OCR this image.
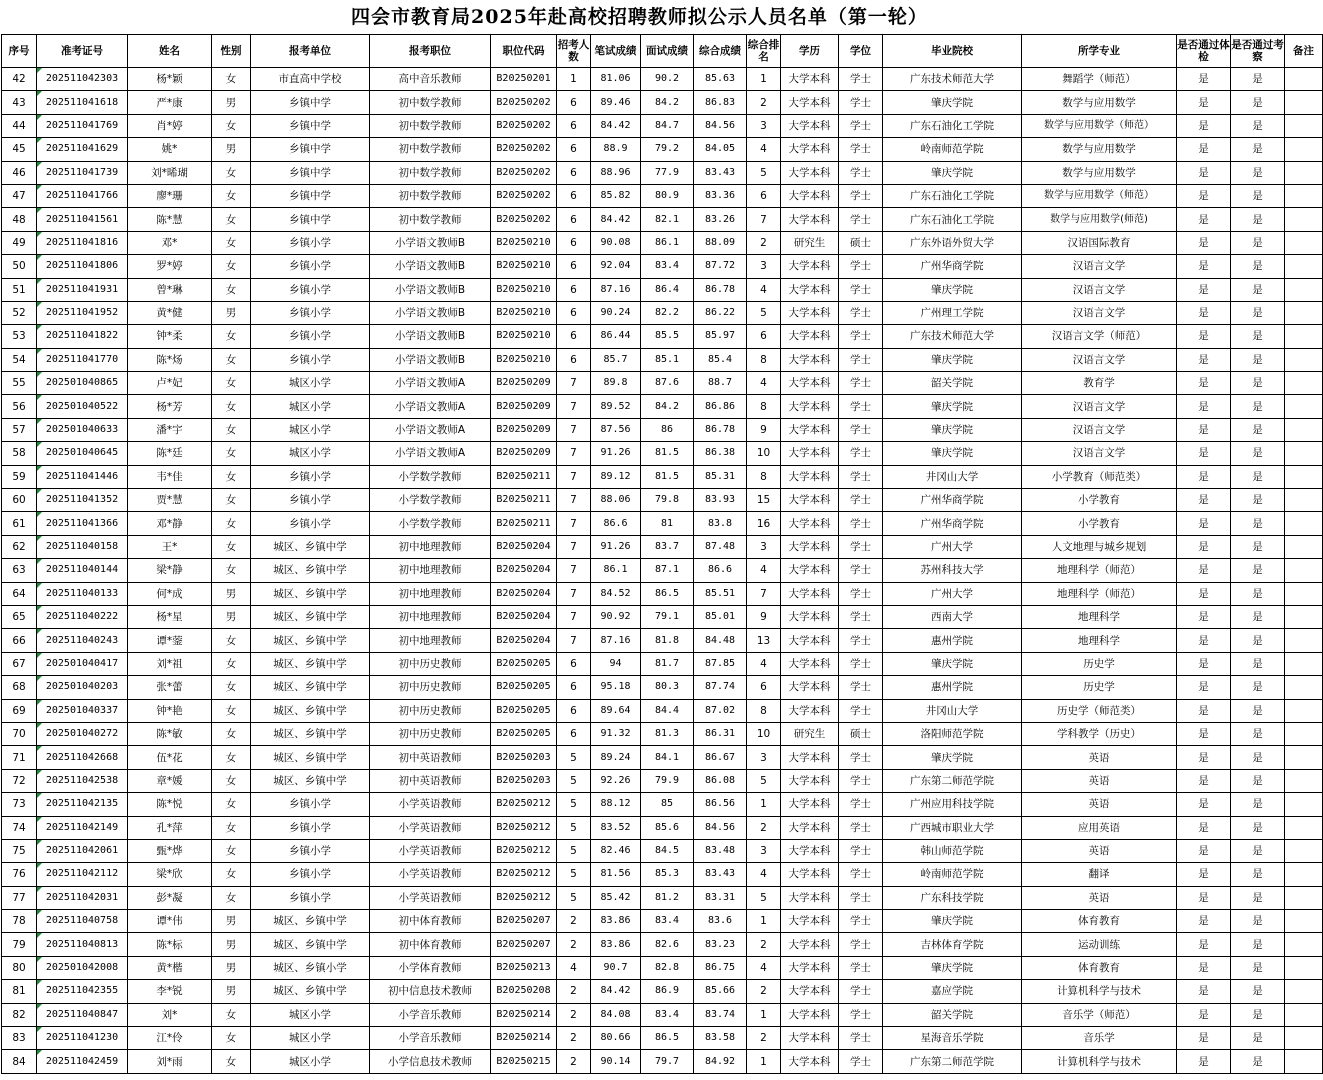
四会市教育局2025年赴高校招聘教师拟公示人员名单（第一轮）
序号	准考证号	姓名	性别	报考单位	报考职位	职位代码	招考人数	笔试成绩	面试成绩	综合成绩	综合排名	学历	学位	毕业院校	所学专业	是否通过体检	是否通过考察	备注
42	202511042303	杨*颖	女	市直高中学校	高中音乐教师	B20250201	1	81.06	90.2	85.63	1	大学本科	学士	广东技术师范大学	舞蹈学（师范）	是	是	
43	202511041618	严*康	男	乡镇中学	初中数学教师	B20250202	6	89.46	84.2	86.83	2	大学本科	学士	肇庆学院	数学与应用数学	是	是	
44	202511041769	肖*婷	女	乡镇中学	初中数学教师	B20250202	6	84.42	84.7	84.56	3	大学本科	学士	广东石油化工学院	数学与应用数学（师范）	是	是	
45	202511041629	姚*	男	乡镇中学	初中数学教师	B20250202	6	88.9	79.2	84.05	4	大学本科	学士	岭南师范学院	数学与应用数学	是	是	
46	202511041739	刘*晞瑚	女	乡镇中学	初中数学教师	B20250202	6	88.96	77.9	83.43	5	大学本科	学士	肇庆学院	数学与应用数学	是	是	
47	202511041766	廖*珊	女	乡镇中学	初中数学教师	B20250202	6	85.82	80.9	83.36	6	大学本科	学士	广东石油化工学院	数学与应用数学（师范）	是	是	
48	202511041561	陈*慧	女	乡镇中学	初中数学教师	B20250202	6	84.42	82.1	83.26	7	大学本科	学士	广东石油化工学院	数学与应用数学(师范)	是	是	
49	202511041816	邓*	女	乡镇小学	小学语文教师B	B20250210	6	90.08	86.1	88.09	2	研究生	硕士	广东外语外贸大学	汉语国际教育	是	是	
50	202511041806	罗*婷	女	乡镇小学	小学语文教师B	B20250210	6	92.04	83.4	87.72	3	大学本科	学士	广州华商学院	汉语言文学	是	是	
51	202511041931	曾*琳	女	乡镇小学	小学语文教师B	B20250210	6	87.16	86.4	86.78	4	大学本科	学士	肇庆学院	汉语言文学	是	是	
52	202511041952	黄*健	男	乡镇小学	小学语文教师B	B20250210	6	90.24	82.2	86.22	5	大学本科	学士	广州理工学院	汉语言文学	是	是	
53	202511041822	钟*柔	女	乡镇小学	小学语文教师B	B20250210	6	86.44	85.5	85.97	6	大学本科	学士	广东技术师范大学	汉语言文学（师范）	是	是	
54	202511041770	陈*炀	女	乡镇小学	小学语文教师B	B20250210	6	85.7	85.1	85.4	8	大学本科	学士	肇庆学院	汉语言文学	是	是	
55	202501040865	卢*妃	女	城区小学	小学语文教师A	B20250209	7	89.8	87.6	88.7	4	大学本科	学士	韶关学院	教育学	是	是	
56	202501040522	杨*芳	女	城区小学	小学语文教师A	B20250209	7	89.52	84.2	86.86	8	大学本科	学士	肇庆学院	汉语言文学	是	是	
57	202501040633	潘*宇	女	城区小学	小学语文教师A	B20250209	7	87.56	86	86.78	9	大学本科	学士	肇庆学院	汉语言文学	是	是	
58	202501040645	陈*廷	女	城区小学	小学语文教师A	B20250209	7	91.26	81.5	86.38	10	大学本科	学士	肇庆学院	汉语言文学	是	是	
59	202511041446	韦*佳	女	乡镇小学	小学数学教师	B20250211	7	89.12	81.5	85.31	8	大学本科	学士	井冈山大学	小学教育（师范类）	是	是	
60	202511041352	贾*慧	女	乡镇小学	小学数学教师	B20250211	7	88.06	79.8	83.93	15	大学本科	学士	广州华商学院	小学教育	是	是	
61	202511041366	邓*静	女	乡镇小学	小学数学教师	B20250211	7	86.6	81	83.8	16	大学本科	学士	广州华商学院	小学教育	是	是	
62	202511040158	王*	女	城区、乡镇中学	初中地理教师	B20250204	7	91.26	83.7	87.48	3	大学本科	学士	广州大学	人文地理与城乡规划	是	是	
63	202511040144	梁*静	女	城区、乡镇中学	初中地理教师	B20250204	7	86.1	87.1	86.6	4	大学本科	学士	苏州科技大学	地理科学（师范）	是	是	
64	202511040133	何*成	男	城区、乡镇中学	初中地理教师	B20250204	7	84.52	86.5	85.51	7	大学本科	学士	广州大学	地理科学（师范）	是	是	
65	202511040222	杨*星	男	城区、乡镇中学	初中地理教师	B20250204	7	90.92	79.1	85.01	9	大学本科	学士	西南大学	地理科学	是	是	
66	202511040243	谭*蓥	女	城区、乡镇中学	初中地理教师	B20250204	7	87.16	81.8	84.48	13	大学本科	学士	惠州学院	地理科学	是	是	
67	202501040417	刘*祖	女	城区、乡镇中学	初中历史教师	B20250205	6	94	81.7	87.85	4	大学本科	学士	肇庆学院	历史学	是	是	
68	202501040203	张*蕾	女	城区、乡镇中学	初中历史教师	B20250205	6	95.18	80.3	87.74	6	大学本科	学士	惠州学院	历史学	是	是	
69	202501040337	钟*艳	女	城区、乡镇中学	初中历史教师	B20250205	6	89.64	84.4	87.02	8	大学本科	学士	井冈山大学	历史学（师范类）	是	是	
70	202501040272	陈*敏	女	城区、乡镇中学	初中历史教师	B20250205	6	91.32	81.3	86.31	10	研究生	硕士	洛阳师范学院	学科教学（历史）	是	是	
71	202511042668	伍*花	女	城区、乡镇中学	初中英语教师	B20250203	5	89.24	84.1	86.67	3	大学本科	学士	肇庆学院	英语	是	是	
72	202511042538	章*媛	女	城区、乡镇中学	初中英语教师	B20250203	5	92.26	79.9	86.08	5	大学本科	学士	广东第二师范学院	英语	是	是	
73	202511042135	陈*悦	女	乡镇小学	小学英语教师	B20250212	5	88.12	85	86.56	1	大学本科	学士	广州应用科技学院	英语	是	是	
74	202511042149	孔*萍	女	乡镇小学	小学英语教师	B20250212	5	83.52	85.6	84.56	2	大学本科	学士	广西城市职业大学	应用英语	是	是	
75	202511042061	甄*烨	女	乡镇小学	小学英语教师	B20250212	5	82.46	84.5	83.48	3	大学本科	学士	韩山师范学院	英语	是	是	
76	202511042112	梁*欣	女	乡镇小学	小学英语教师	B20250212	5	81.56	85.3	83.43	4	大学本科	学士	岭南师范学院	翻译	是	是	
77	202511042031	彭*凝	女	乡镇小学	小学英语教师	B20250212	5	85.42	81.2	83.31	5	大学本科	学士	广东科技学院	英语	是	是	
78	202511040758	谭*伟	男	城区、乡镇中学	初中体育教师	B20250207	2	83.86	83.4	83.6	1	大学本科	学士	肇庆学院	体育教育	是	是	
79	202511040813	陈*标	男	城区、乡镇中学	初中体育教师	B20250207	2	83.86	82.6	83.23	2	大学本科	学士	吉林体育学院	运动训练	是	是	
80	202501042008	黄*楷	男	城区、乡镇小学	小学体育教师	B20250213	4	90.7	82.8	86.75	4	大学本科	学士	肇庆学院	体育教育	是	是	
81	202511042355	李*锐	男	城区、乡镇中学	初中信息技术教师	B20250208	2	84.42	86.9	85.66	2	大学本科	学士	嘉应学院	计算机科学与技术	是	是	
82	202511040847	刘*	女	城区小学	小学音乐教师	B20250214	2	84.08	83.4	83.74	1	大学本科	学士	韶关学院	音乐学（师范）	是	是	
83	202511041230	江*伶	女	城区小学	小学音乐教师	B20250214	2	80.66	86.5	83.58	2	大学本科	学士	星海音乐学院	音乐学	是	是	
84	202511042459	刘*雨	女	城区小学	小学信息技术教师	B20250215	2	90.14	79.7	84.92	1	大学本科	学士	广东第二师范学院	计算机科学与技术	是	是	
